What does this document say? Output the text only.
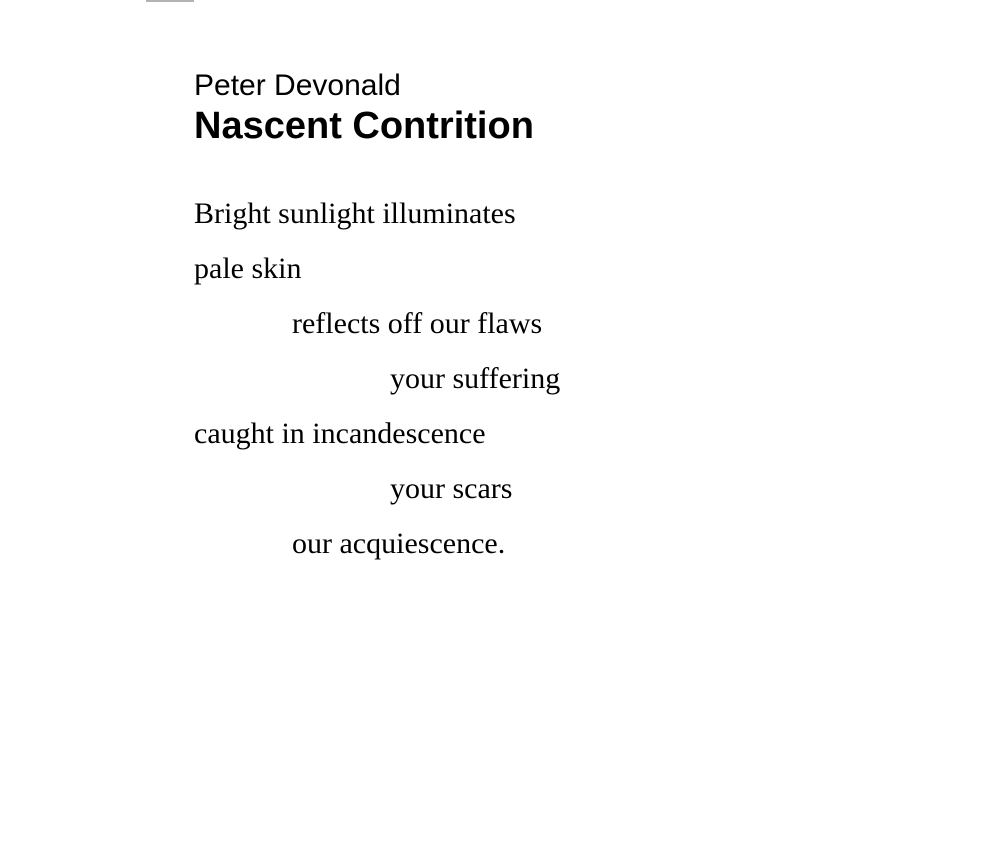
Peter Devonald
Nascent Contrition
Bright sunlight illuminates
pale skin
reflects off our flaws
your suffering
caught in incandescence
your scars
our acquiescence.
